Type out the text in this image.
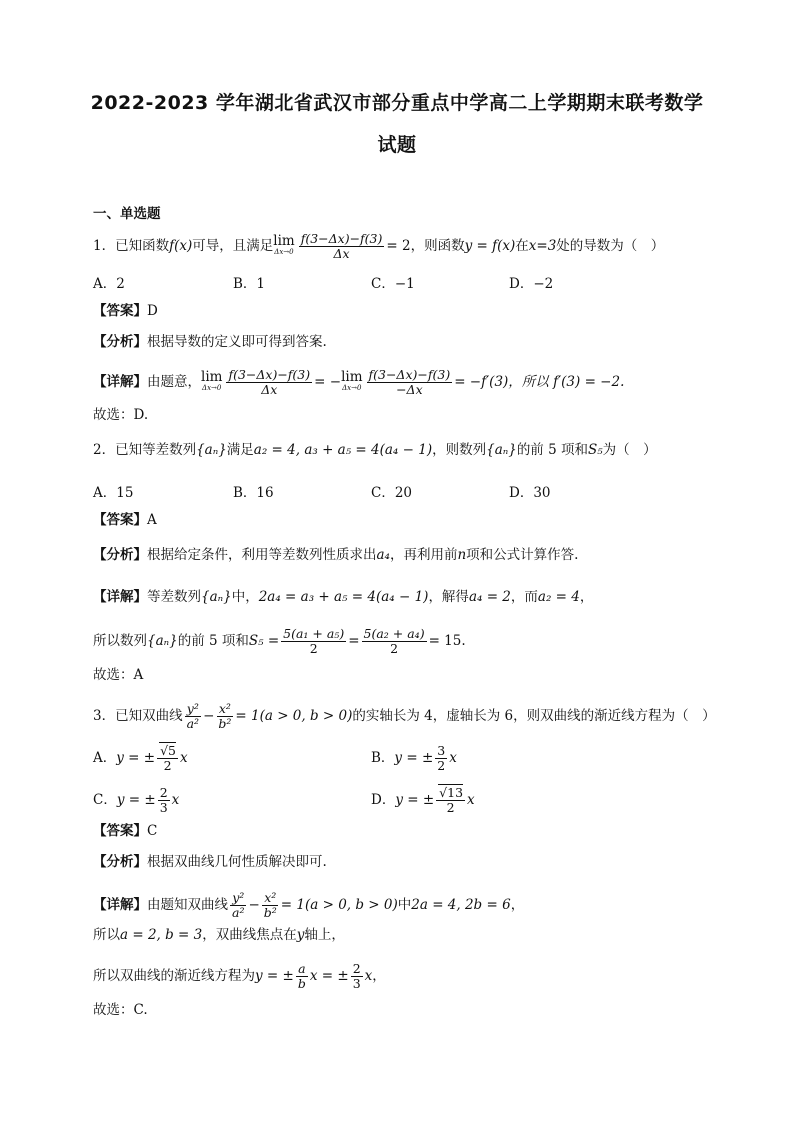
2022-2023 学年湖北省武汉市部分重点中学高二上学期期末联考数学
试题
一、单选题
1．已知函数f(x)可导，且满足 lim
$\Delta x\to 0 \frac{f(3-\Delta x)-f(3)}{\Delta x} = 2$，则函数y = f(x)在x=3处的导数为（　）
A．2	B．1	C．−1	D．−2
【答案】D
【分析】根据导数的定义即可得到答案.
【详解】由题意， lim
$\Delta x\to 0 \frac{f(3-\Delta x)-f(3)}{\Delta x}$ = − lim
$\Delta x\to 0 \frac{f(3-\Delta x)-f(3)}{-\Delta x} = -f'(3)$，所以 f′(3) = −2.
故选：D.
2．已知等差数列{aₙ}满足a₂ = 4, a₃ + a₅ = 4(a₄ − 1)，则数列{aₙ}的前 5 项和S₅为（　）
A．15	B．16	C．20	D．30
【答案】A
【分析】根据给定条件，利用等差数列性质求出a₄，再利用前n项和公式计算作答.
【详解】等差数列{aₙ}中，2a₄ = a₃ + a₅ = 4(a₄ − 1)，解得a₄ = 2，而a₂ = 4，
所以数列{aₙ}的前 5 项和$S_5 = \frac{\text{5(a₁ + a₅)}}{2} = \frac{\text{5(a₂ + a₄)}}{2} = 15$.
故选：A
3．已知双曲线 $\frac{\text{y²}}{\text{a²}} - \frac{\text{x²}}{\text{b²}} = 1(a > 0$, b > 0)的实轴长为 4，虚轴长为 6，则双曲线的渐近线方程为（　）
A．y = ± $\frac{√5}{2}$ x	B．y = ± $\frac{3}{2}$ x
C．y = ± $\frac{2}{3}$ x	D．y = ± $\frac{√13}{2}$ x
【答案】C
【分析】根据双曲线几何性质解决即可.
【详解】由题知双曲线 $\frac{\text{y²}}{\text{a²}} - \frac{\text{x²}}{\text{b²}} = 1(a > 0$, b > 0)中2a = 4, 2b = 6，
所以a = 2, b = 3，双曲线焦点在y轴上，
所以双曲线的渐近线方程为y = ± $\frac{a}{b}$ x = ± $\frac{2}{3}$ x，
故选：C.
